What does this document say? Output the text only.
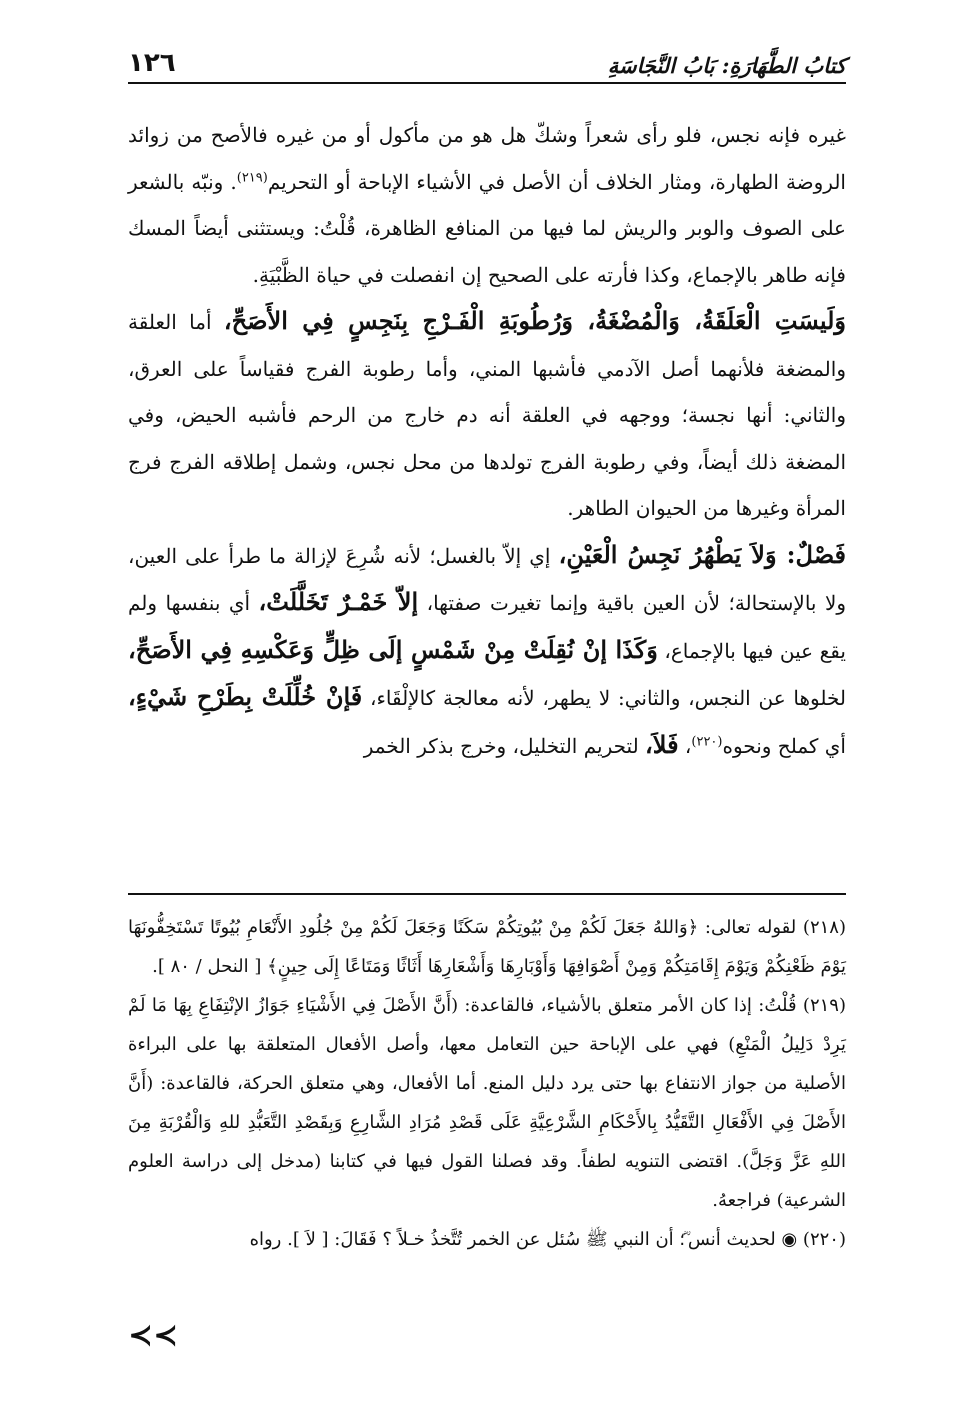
كتابُ الطَّهَارَةِ: بَابُ النَّجَاسَةِ
١٢٦

غيره فإنه نجس، فلو رأى شعراً وشكّ هل هو من مأكول أو من غيره فالأصح من زوائد الروضة الطهارة، ومثار الخلاف أن الأصل في الأشياء الإباحة أو التحريم$^{(٢١٩)}$. ونبّه بالشعر على الصوف والوبر والريش لما فيها من المنافع الظاهرة، قُلْتُ: ويستثنى أيضاً المسك فإنه طاهر بالإجماع، وكذا فأرته على الصحيح إن انفصلت في حياة الظَّبْيَةِ.

وَلَيسَتِ الْعَلَقَةُ، وَالْمُضْغَةُ، وَرُطُوبَةِ الْفَـرْجِ بِنَجِسٍ فِي الأَصَحِّ، أما العلقة والمضغة فلأنهما أصل الآدمي فأشبها المني، وأما رطوبة الفرج فقياساً على العرق، والثاني: أنها نجسة؛ ووجهه في العلقة أنه دم خارج من الرحم فأشبه الحيض، وفي المضغة ذلك أيضاً، وفي رطوبة الفرج تولدها من محل نجس، وشمل إطلاقه الفرج فرج المرأة وغيرها من الحيوان الطاهر.

فَصْلٌ: وَلاَ يَطْهُرُ نَجِسُ الْعَيْنِ، إي إلاّ بالغسل؛ لأنه شُرِعَ لإزالة ما طرأ على العين، ولا بالإستحالة؛ لأن العين باقية وإنما تغيرت صفتها، إلاّ خَمْـرٌ تَخَلَّلَتْ، أي بنفسها ولم يقع عين فيها بالإجماع، وَكَذَا إنْ نُقِلَتْ مِنْ شَمْسٍ إلَى ظِلٍّ وَعَكْسِهِ فِي الأَصَحِّ، لخلوها عن النجس، والثاني: لا يطهر، لأنه معالجة كالإلْقَاء، فَإنْ خُلِّلَتْ بِطَرْحِ شَيْءٍ، أي كملح ونحوه$^{(٢٢٠)}$، فَلاَ، لتحريم التخليل، وخرج بذكر الخمر

(٢١٨) لقوله تعالى: ﴿وَاللهُ جَعَلَ لَكُمْ مِنْ بُيُوتِكُمْ سَكَنًا وَجَعَلَ لَكُمْ مِنْ جُلُودِ الأَنْعَامِ بُيُوتًا تَسْتَخِفُّونَهَا يَوْمَ ظَعْنِكُمْ وَيَوْمَ إِقَامَتِكُمْ وَمِنْ أَصْوَافِهَا وَأَوْبَارِهَا وَأَشْعَارِهَا أَثَاثًا وَمَتَاعًا إِلَى حِينٍ﴾ [ النحل / ٨٠ ].

(٢١٩) قُلْتُ: إذا كان الأمر متعلق بالأشياء، فالقاعدة: (أَنَّ الأَصْلَ فِي الأَشْيَاءِ جَوَازُ الإنْتِفَاعِ بِهَا مَا لَمْ يَرِدْ دَلِيلُ الْمَنْعِ) فهي على الإباحة حين التعامل معها، وأصل الأفعال المتعلقة بها على البراءة الأصلية من جواز الانتفاع بها حتى يرد دليل المنع. أما الأفعال، وهي متعلق الحركة، فالقاعدة: (أَنَّ الأَصْلَ فِي الأَفْعَالِ التَّقَيُّدُ بِالأَحْكَامِ الشَّرْعِيَّةِ عَلَى قَصْدِ مُرَادِ الشَّارِعِ وَبِقَصْدِ التَّعَبُّدِ للهِ وَالْقُرْبَةِ مِنَ اللهِ عَزَّ وَجَلَّ). اقتضى التنويه لطفاً. وقد فصلنا القول فيها في كتابنا (مدخل إلى دراسة العلوم الشرعية) فراجعهُ.

(٢٢٠) ◉ لحديث أنس ؓ؛ أن النبي ﷺ سُئل عن الخمر تُتَّخذُ خـلاً ؟ فَقَالَ: [ لاَ ]. رواه

≺≺
